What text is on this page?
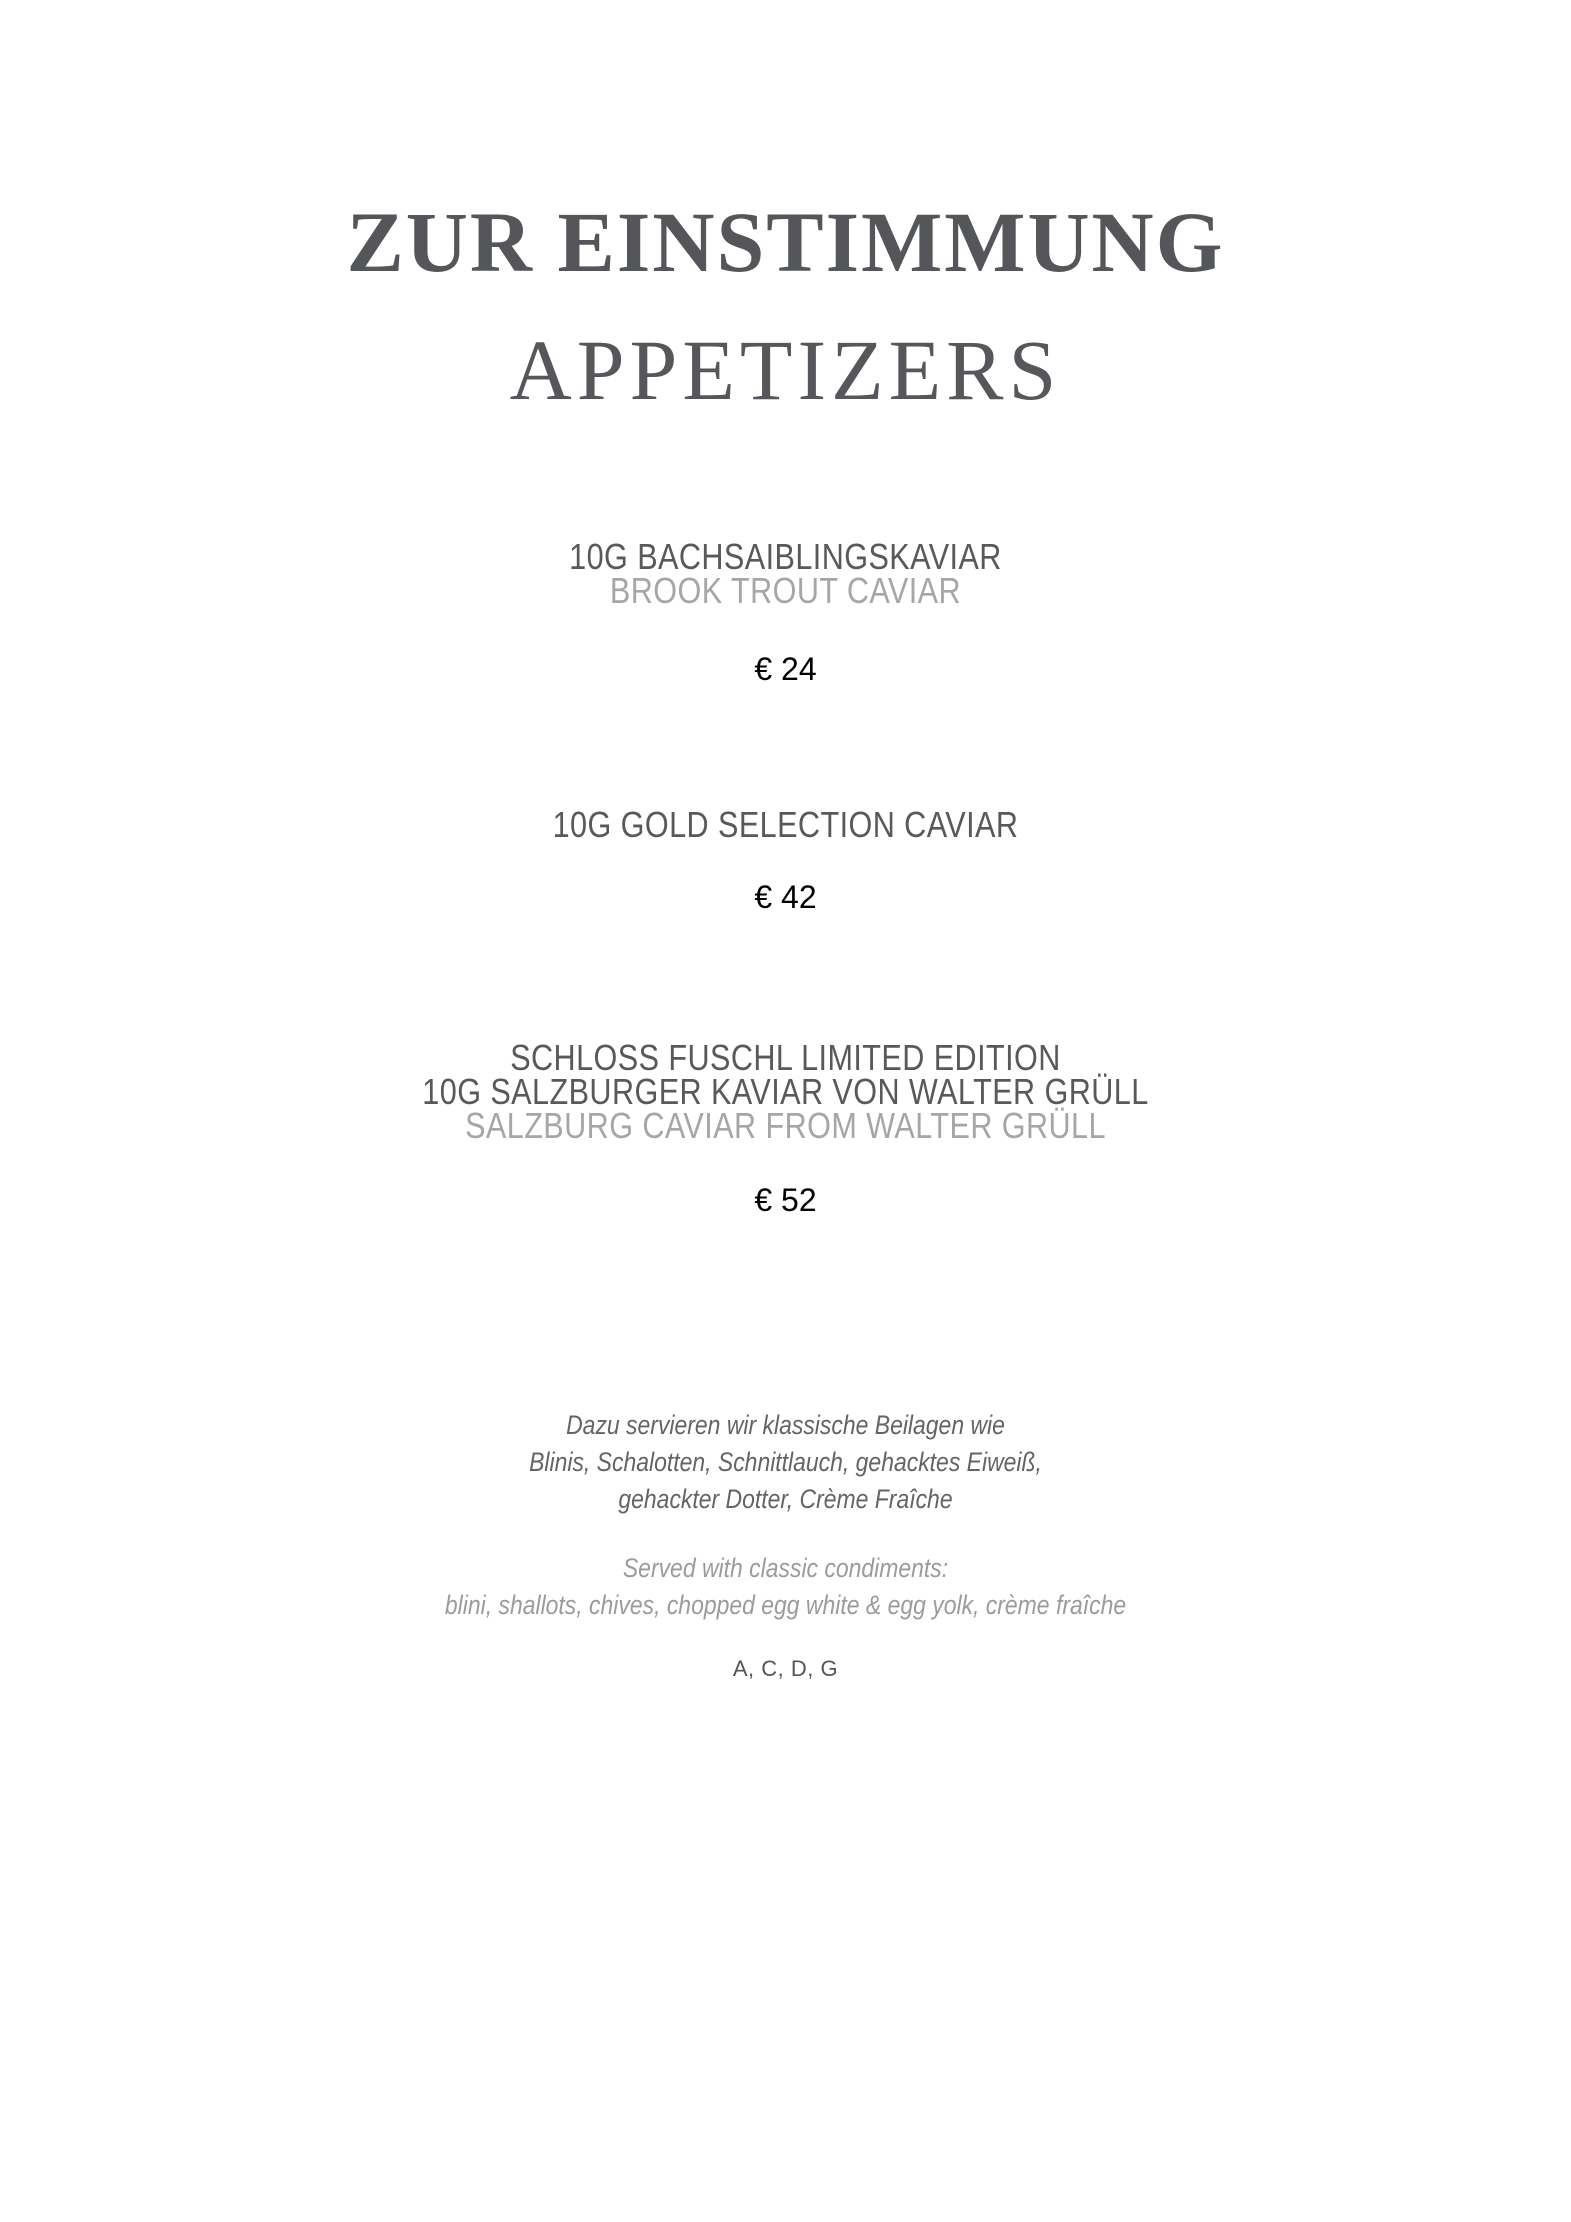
ZUR EINSTIMMUNG
APPETIZERS
10G BACHSAIBLINGSKAVIAR
BROOK TROUT CAVIAR
€ 24
10G GOLD SELECTION CAVIAR
€ 42
SCHLOSS FUSCHL LIMITED EDITION
10G SALZBURGER KAVIAR VON WALTER GRÜLL
SALZBURG CAVIAR FROM WALTER GRÜLL
€ 52
Dazu servieren wir klassische Beilagen wie
Blinis, Schalotten, Schnittlauch, gehacktes Eiweiß,
gehackter Dotter, Crème Fraîche
Served with classic condiments:
blini, shallots, chives, chopped egg white & egg yolk, crème fraîche
A, C, D, G
